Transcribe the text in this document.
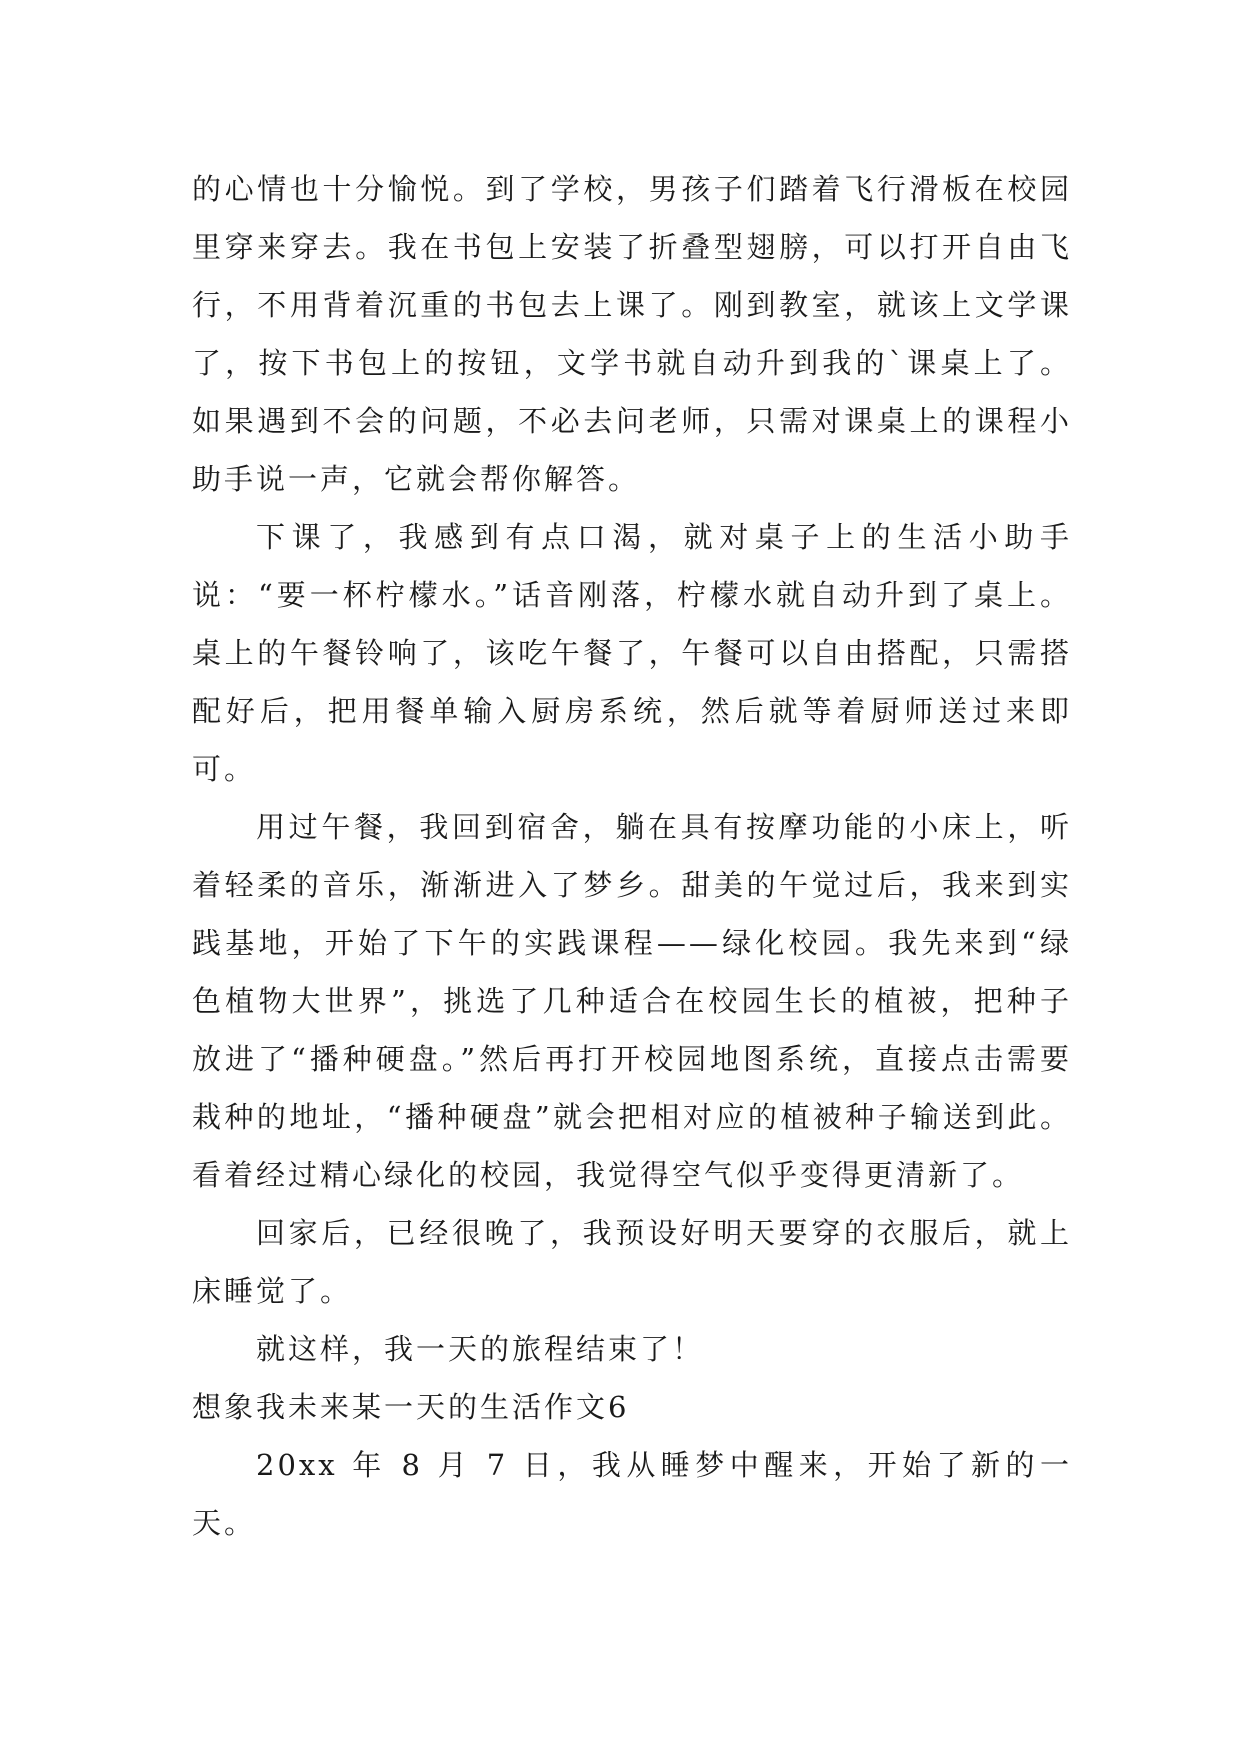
的心情也十分愉悦。到了学校，男孩子们踏着飞行滑板在校园里穿来穿去。我在书包上安装了折叠型翅膀，可以打开自由飞行，不用背着沉重的书包去上课了。刚到教室，就该上文学课了，按下书包上的按钮，文学书就自动升到我的`课桌上了。如果遇到不会的问题，不必去问老师，只需对课桌上的课程小助手说一声，它就会帮你解答。

下课了，我感到有点口渴，就对桌子上的生活小助手说：“要一杯柠檬水。”话音刚落，柠檬水就自动升到了桌上。桌上的午餐铃响了，该吃午餐了，午餐可以自由搭配，只需搭配好后，把用餐单输入厨房系统，然后就等着厨师送过来即可。

用过午餐，我回到宿舍，躺在具有按摩功能的小床上，听着轻柔的音乐，渐渐进入了梦乡。甜美的午觉过后，我来到实践基地，开始了下午的实践课程——绿化校园。我先来到“绿色植物大世界”，挑选了几种适合在校园生长的植被，把种子放进了“播种硬盘。”然后再打开校园地图系统，直接点击需要栽种的地址，“播种硬盘”就会把相对应的植被种子输送到此。看着经过精心绿化的校园，我觉得空气似乎变得更清新了。

回家后，已经很晚了，我预设好明天要穿的衣服后，就上床睡觉了。

就这样，我一天的旅程结束了！

想象我未来某一天的生活作文6

20xx 年 8 月 7 日，我从睡梦中醒来，开始了新的一天。
